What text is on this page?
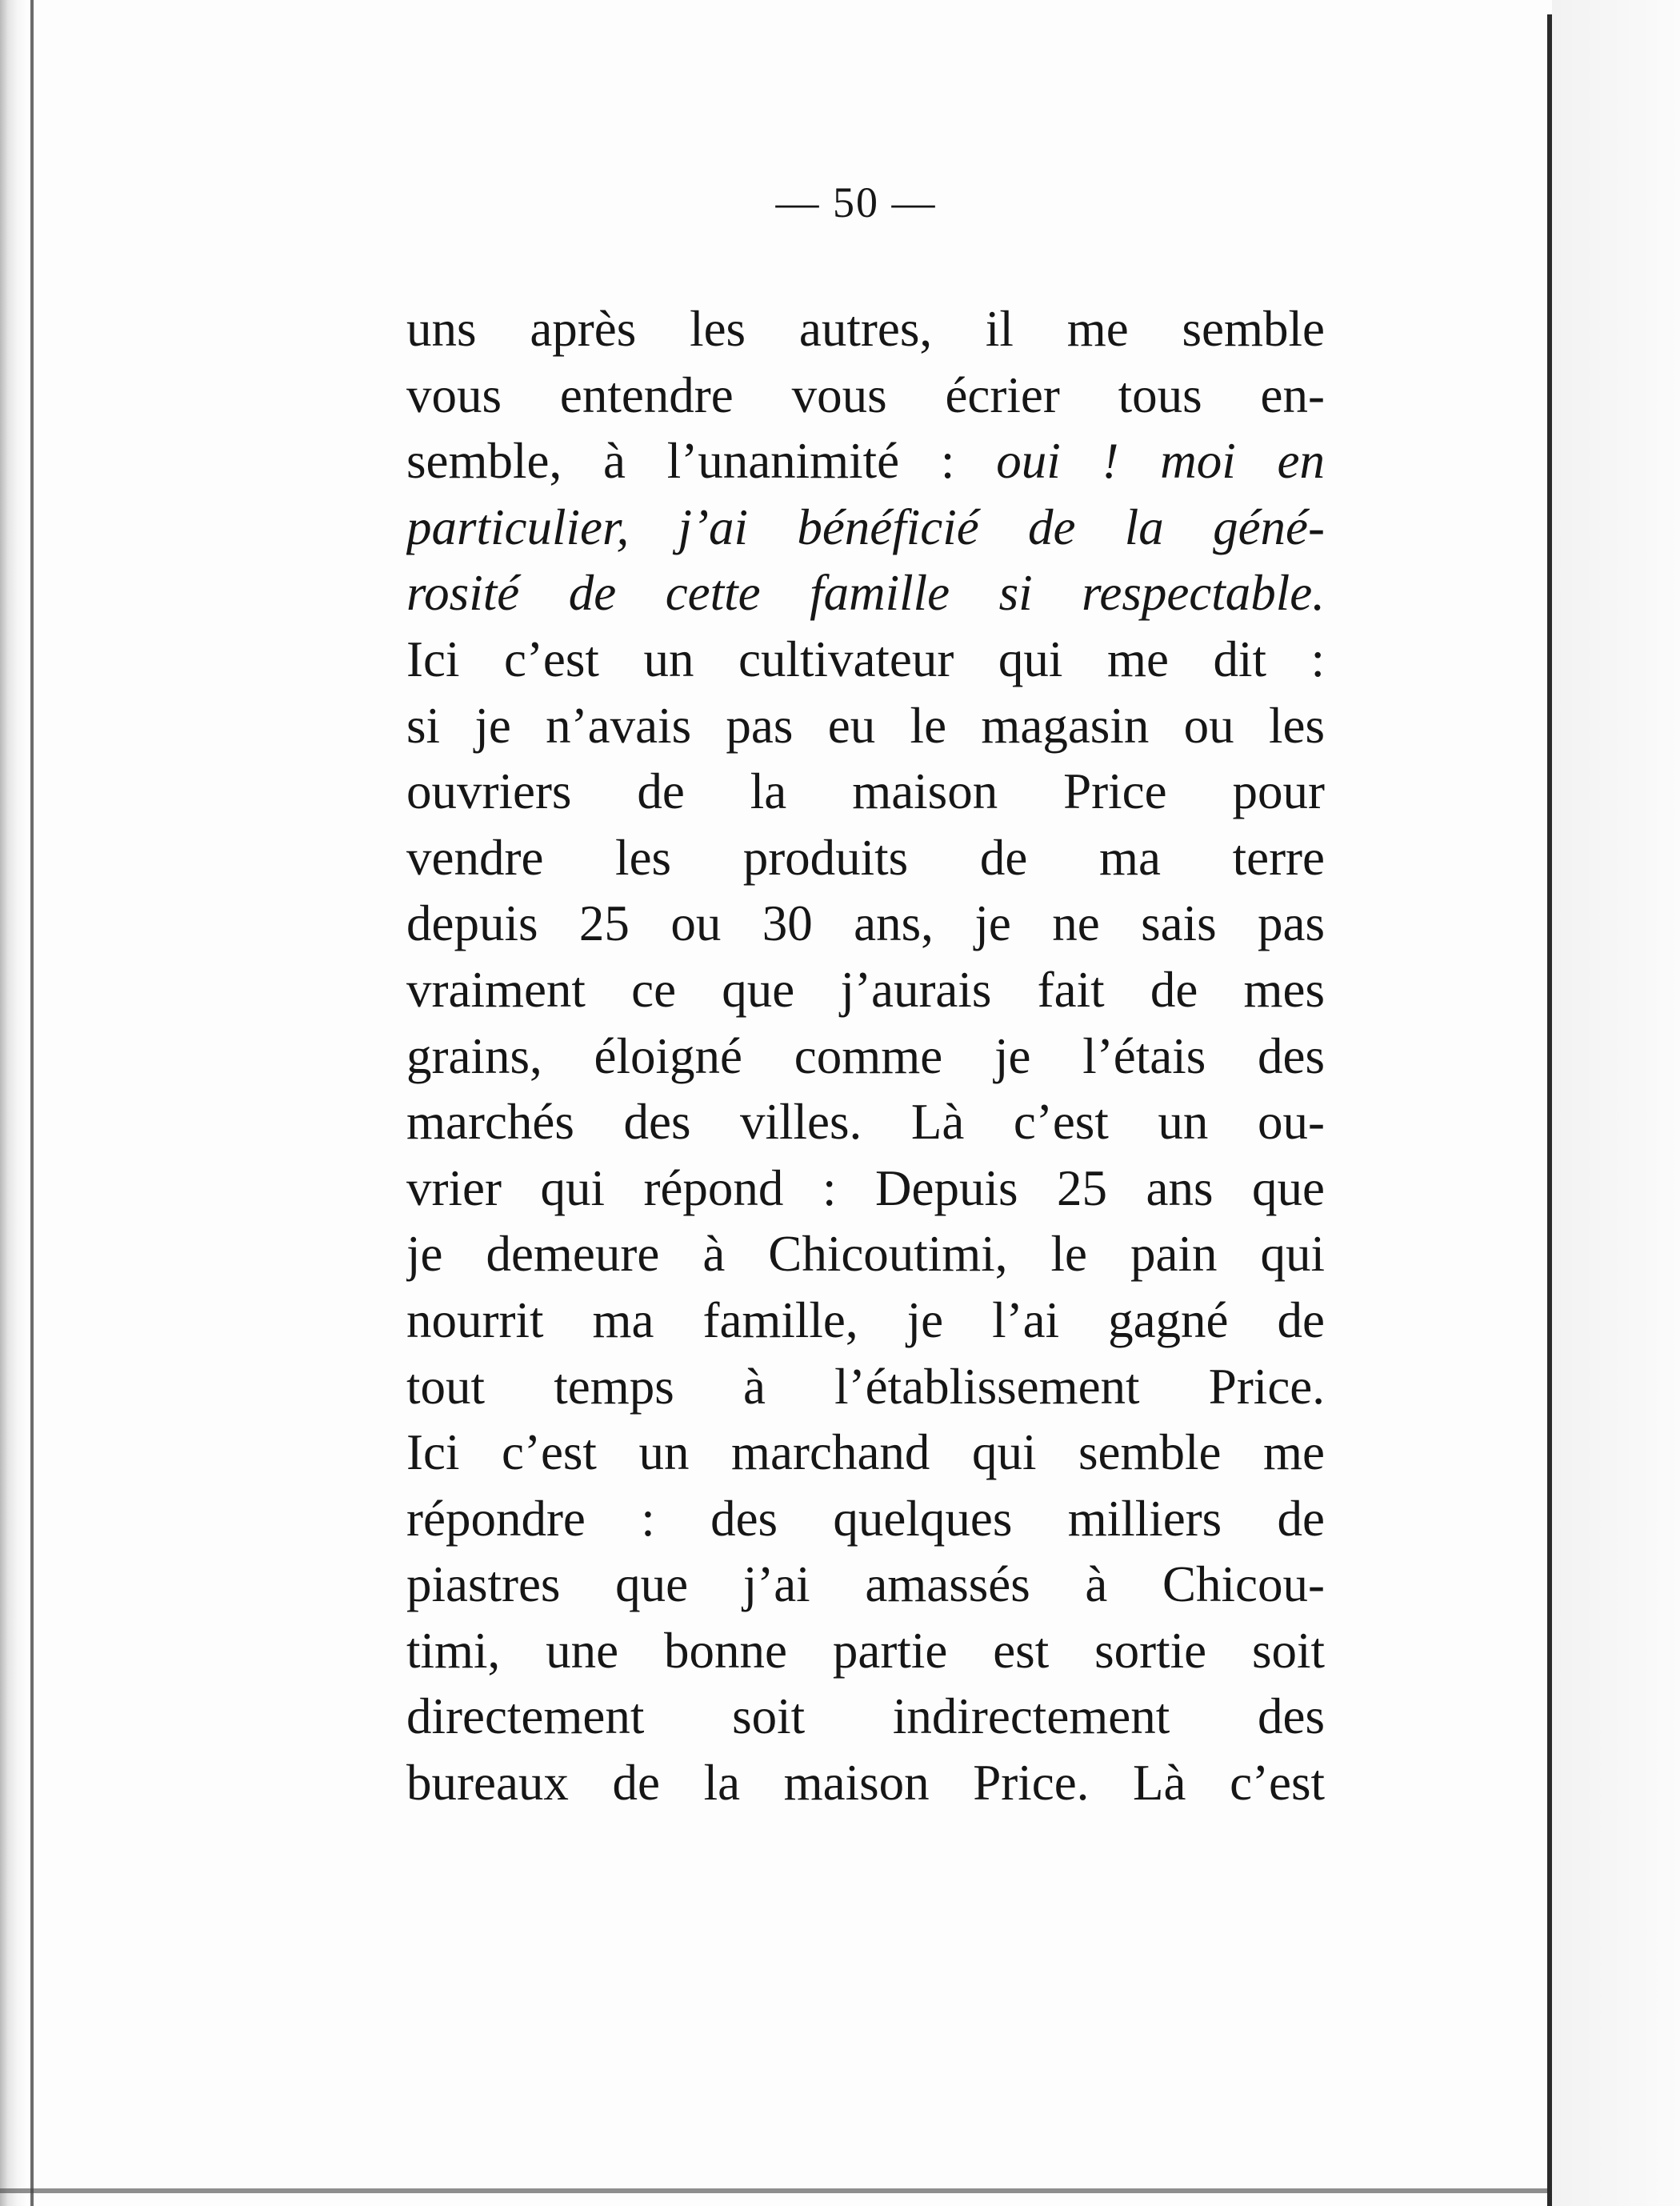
— 50 —
uns après les autres, il me semble
vous entendre vous écrier tous en-
semble, à l’unanimité : oui ! moi en
particulier, j’ai bénéficié de la géné-
rosité de cette famille si respectable.
Ici c’est un cultivateur qui me dit :
si je n’avais pas eu le magasin ou les
ouvriers de la maison Price pour
vendre les produits de ma terre
depuis 25 ou 30 ans, je ne sais pas
vraiment ce que j’aurais fait de mes
grains, éloigné comme je l’étais des
marchés des villes. Là c’est un ou-
vrier qui répond : Depuis 25 ans que
je demeure à Chicoutimi, le pain qui
nourrit ma famille, je l’ai gagné de
tout temps à l’établissement Price.
Ici c’est un marchand qui semble me
répondre : des quelques milliers de
piastres que j’ai amassés à Chicou-
timi, une bonne partie est sortie soit
directement soit indirectement des
bureaux de la maison Price. Là c’est
